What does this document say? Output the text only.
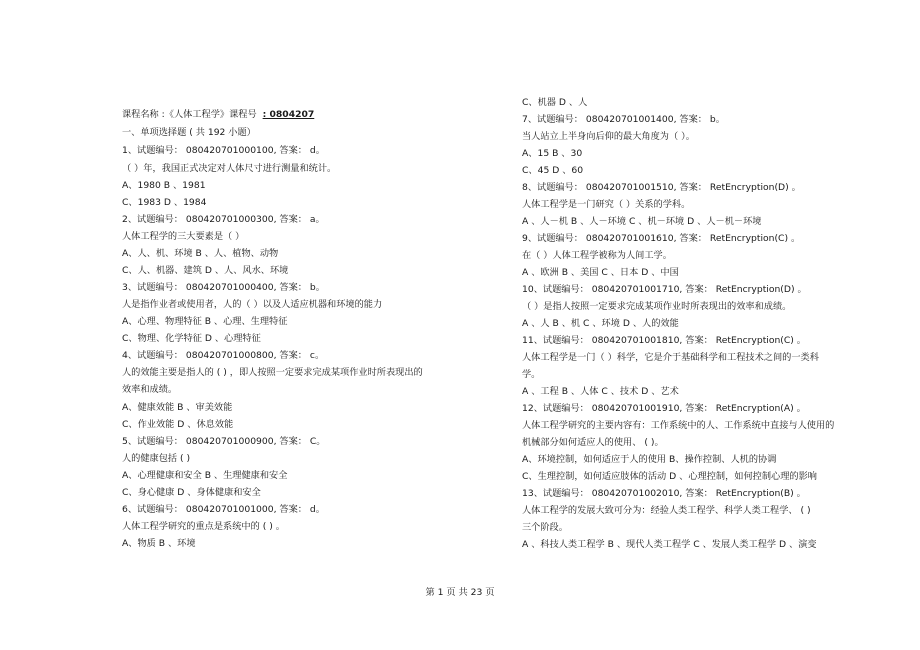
课程名称 :《人体工程学》课程号 : 0804207
一、单项选择题 ( 共 192 小题）
1、试题编号： 080420701000100, 答案： d。
（ ）年，我国正式决定对人体尺寸进行测量和统计。
A、1980 B 、1981
C、1983 D 、1984
2、试题编号： 080420701000300, 答案： a。
人体工程学的三大要素是（ ）
A、人、机、环境 B 、人、植物、动物
C、人、机器、建筑 D 、人、风水、环境
3、试题编号： 080420701000400, 答案： b。
人是指作业者或使用者，人的（ ）以及人适应机器和环境的能力
A、心理、物理特征 B 、心理、生理特征
C、物理、化学特征 D 、心理特征
4、试题编号： 080420701000800, 答案： c。
人的效能主要是指人的 ( ) ，即人按照一定要求完成某项作业时所表现出的
效率和成绩。
A、健康效能 B 、审美效能
C、作业效能 D 、休息效能
5、试题编号： 080420701000900, 答案： C。
人的健康包括 ( )
A、心理健康和安全 B 、生理健康和安全
C、身心健康 D 、身体健康和安全
6、试题编号： 080420701001000, 答案： d。
人体工程学研究的重点是系统中的 ( ) 。
A、物质 B 、环境
C、机器 D 、人
7、试题编号： 080420701001400, 答案： b。
当人站立上半身向后仰的最大角度为（ ）。
A、15 B 、30
C、45 D 、60
8、试题编号： 080420701001510, 答案： RetEncryption(D) 。
人体工程学是一门研究（ ）关系的学科。
A 、人－机 B 、人－环境 C 、机－环境 D 、人－机－环境
9、试题编号： 080420701001610, 答案： RetEncryption(C) 。
在（ ）人体工程学被称为人间工学。
A 、欧洲 B 、美国 C 、日本 D 、中国
10、试题编号： 080420701001710, 答案： RetEncryption(D) 。
（ ）是指人按照一定要求完成某项作业时所表现出的效率和成绩。
A 、人 B 、机 C 、环境 D 、人的效能
11、试题编号： 080420701001810, 答案： RetEncryption(C) 。
人体工程学是一门（ ）科学，它是介于基础科学和工程技术之间的一类科
学。
A 、工程 B 、人体 C 、技术 D 、艺术
12、试题编号： 080420701001910, 答案： RetEncryption(A) 。
人体工程学研究的主要内容有：工作系统中的人、工作系统中直接与人使用的
机械部分如何适应人的使用、 ( )。
A、环境控制，如何适应于人的使用 B、操作控制、人机的协调
C、生理控制，如何适应肢体的活动 D 、心理控制，如何控制心理的影响
13、试题编号： 080420701002010, 答案： RetEncryption(B) 。
人体工程学的发展大致可分为：经验人类工程学、科学人类工程学、 ( )
三个阶段。
A 、科技人类工程学 B 、现代人类工程学 C 、发展人类工程学 D 、演变
第 1 页 共 23 页
